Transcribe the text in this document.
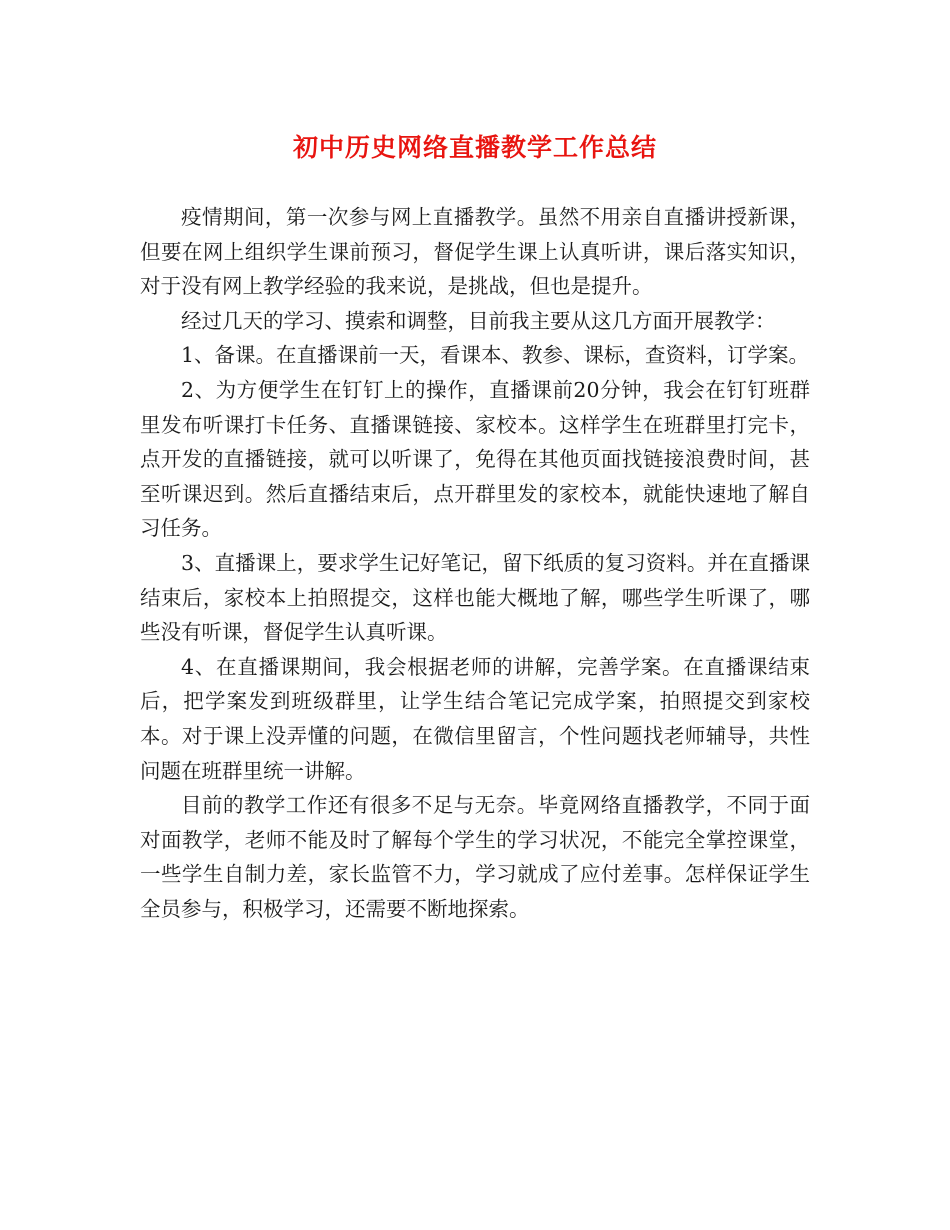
初中历史网络直播教学工作总结

疫情期间，第一次参与网上直播教学。虽然不用亲自直播讲授新课，但要在网上组织学生课前预习，督促学生课上认真听讲，课后落实知识，对于没有网上教学经验的我来说，是挑战，但也是提升。

经过几天的学习、摸索和调整，目前我主要从这几方面开展教学：

1、备课。在直播课前一天，看课本、教参、课标，查资料，订学案。

2、为方便学生在钉钉上的操作，直播课前20分钟，我会在钉钉班群里发布听课打卡任务、直播课链接、家校本。这样学生在班群里打完卡，点开发的直播链接，就可以听课了，免得在其他页面找链接浪费时间，甚至听课迟到。然后直播结束后，点开群里发的家校本，就能快速地了解自习任务。

3、直播课上，要求学生记好笔记，留下纸质的复习资料。并在直播课结束后，家校本上拍照提交，这样也能大概地了解，哪些学生听课了，哪些没有听课，督促学生认真听课。

4、在直播课期间，我会根据老师的讲解，完善学案。在直播课结束后，把学案发到班级群里，让学生结合笔记完成学案，拍照提交到家校本。对于课上没弄懂的问题，在微信里留言，个性问题找老师辅导，共性问题在班群里统一讲解。

目前的教学工作还有很多不足与无奈。毕竟网络直播教学，不同于面对面教学，老师不能及时了解每个学生的学习状况，不能完全掌控课堂，一些学生自制力差，家长监管不力，学习就成了应付差事。怎样保证学生全员参与，积极学习，还需要不断地探索。
